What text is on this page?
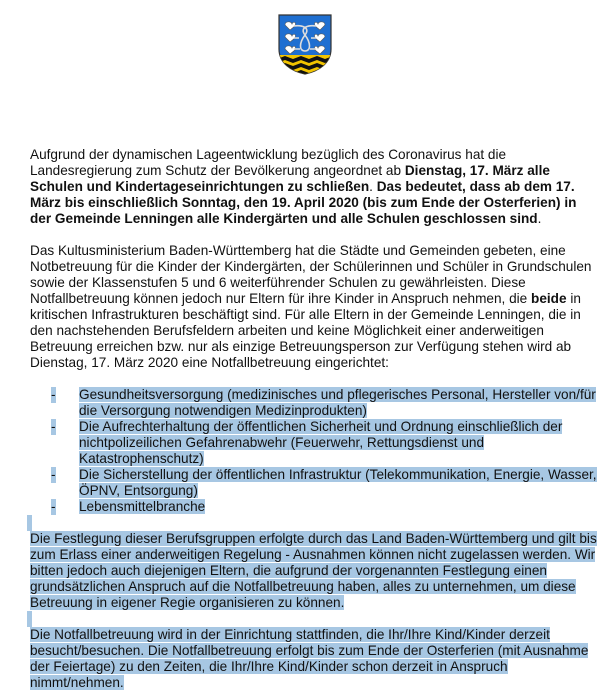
Aufgrund der dynamischen Lageentwicklung bezüglich des Coronavirus hat die Landesregierung zum Schutz der Bevölkerung angeordnet ab Dienstag, 17. März alle Schulen und Kindertageseinrichtungen zu schließen. Das bedeutet, dass ab dem 17. März bis einschließlich Sonntag, den 19. April 2020 (bis zum Ende der Osterferien) in der Gemeinde Lenningen alle Kindergärten und alle Schulen geschlossen sind.

Das Kultusministerium Baden-Württemberg hat die Städte und Gemeinden gebeten, eine Notbetreuung für die Kinder der Kindergärten, der Schülerinnen und Schüler in Grundschulen sowie der Klassenstufen 5 und 6 weiterführender Schulen zu gewährleisten. Diese Notfallbetreuung können jedoch nur Eltern für ihre Kinder in Anspruch nehmen, die beide in kritischen Infrastrukturen beschäftigt sind. Für alle Eltern in der Gemeinde Lenningen, die in den nachstehenden Berufsfeldern arbeiten und keine Möglichkeit einer anderweitigen Betreuung erreichen bzw. nur als einzige Betreuungsperson zur Verfügung stehen wird ab Dienstag, 17. März 2020 eine Notfallbetreuung eingerichtet:

- Gesundheitsversorgung (medizinisches und pflegerisches Personal, Hersteller von/für die Versorgung notwendigen Medizinprodukten)
- Die Aufrechterhaltung der öffentlichen Sicherheit und Ordnung einschließlich der nichtpolizeilichen Gefahrenabwehr (Feuerwehr, Rettungsdienst und Katastrophenschutz)
- Die Sicherstellung der öffentlichen Infrastruktur (Telekommunikation, Energie, Wasser, ÖPNV, Entsorgung)
- Lebensmittelbranche

Die Festlegung dieser Berufsgruppen erfolgte durch das Land Baden-Württemberg und gilt bis zum Erlass einer anderweitigen Regelung - Ausnahmen können nicht zugelassen werden. Wir bitten jedoch auch diejenigen Eltern, die aufgrund der vorgenannten Festlegung einen grundsätzlichen Anspruch auf die Notfallbetreuung haben, alles zu unternehmen, um diese Betreuung in eigener Regie organisieren zu können.

Die Notfallbetreuung wird in der Einrichtung stattfinden, die Ihr/Ihre Kind/Kinder derzeit besucht/besuchen. Die Notfallbetreuung erfolgt bis zum Ende der Osterferien (mit Ausnahme der Feiertage) zu den Zeiten, die Ihr/Ihre Kind/Kinder schon derzeit in Anspruch nimmt/nehmen.
